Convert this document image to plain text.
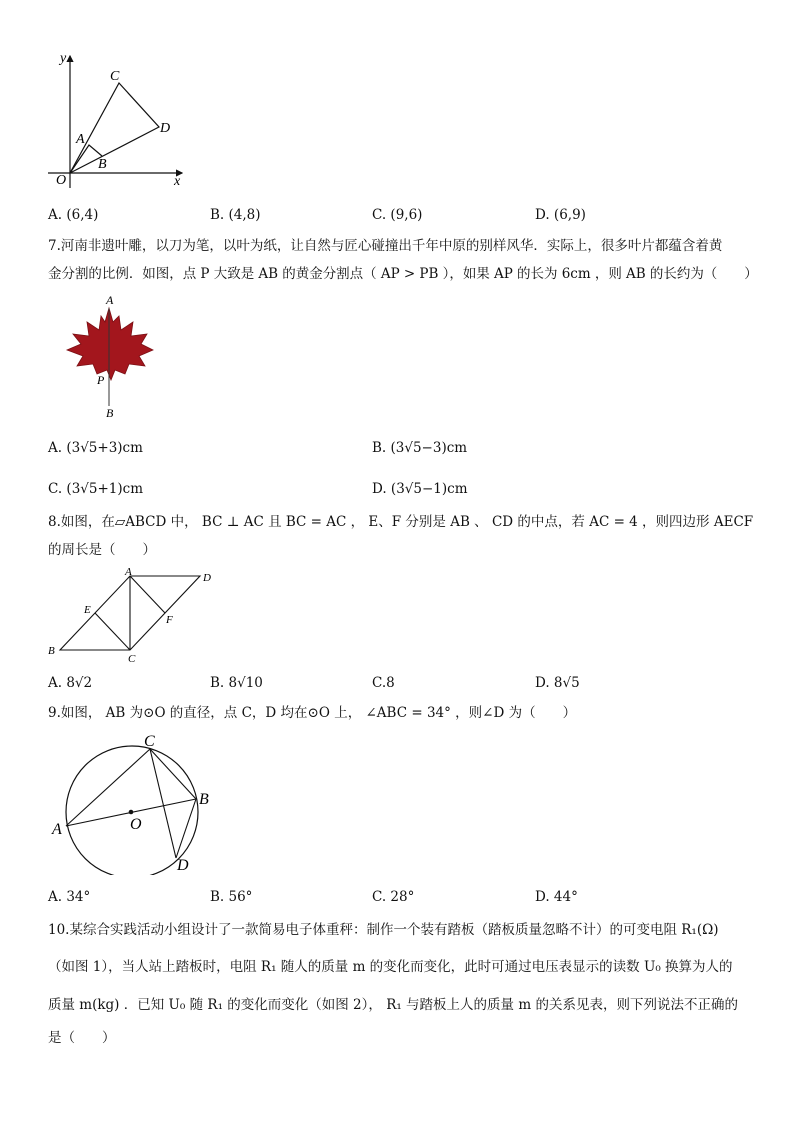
y
x
O
A
B
C
D
A. (6,4)	B. (4,8)	C. (9,6)	D. (6,9)
7.河南非遗叶雕，以刀为笔，以叶为纸，让自然与匠心碰撞出千年中原的别样风华．实际上，很多叶片都蕴含着黄
金分割的比例．如图，点 P 大致是 AB 的黄金分割点（ AP > PB ），如果 AP 的长为 6cm ，则 AB 的长约为（　　）
A
P
B
A. (3√5+3)cm	B. (3√5−3)cm
C. (3√5+1)cm	D. (3√5−1)cm
8.如图，在▱ABCD 中， BC ⊥ AC 且 BC = AC ， E、F 分别是 AB 、 CD 的中点，若 AC = 4 ，则四边形 AECF
的周长是（　　）
A	D
E
F
B
C
A. 8√2	B. 8√10	C.8	D. 8√5
9.如图， AB 为⊙O 的直径，点 C，D 均在⊙O 上， ∠ABC = 34° ，则∠D 为（　　）
C
B
A	O
D
A. 34°	B. 56°	C. 28°	D. 44°
10.某综合实践活动小组设计了一款简易电子体重秤：制作一个装有踏板（踏板质量忽略不计）的可变电阻 R₁(Ω)
（如图 1），当人站上踏板时，电阻 R₁ 随人的质量 m 的变化而变化，此时可通过电压表显示的读数 U₀ 换算为人的
质量 m(kg) ．已知 U₀ 随 R₁ 的变化而变化（如图 2）， R₁ 与踏板上人的质量 m 的关系见表，则下列说法不正确的
是（　　）
